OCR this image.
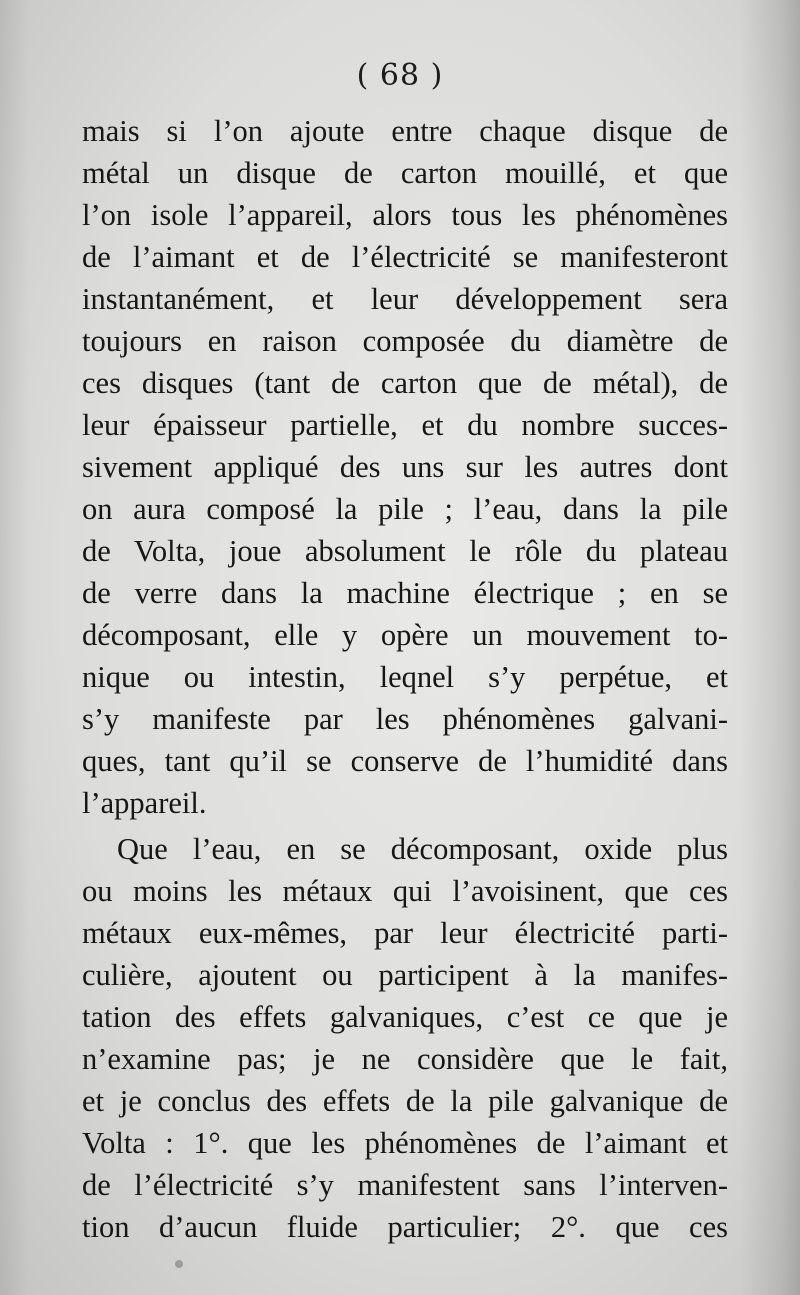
( 68 )
mais si l’on ajoute entre chaque disque de
métal un disque de carton mouillé, et que
l’on isole l’appareil, alors tous les phénomènes
de l’aimant et de l’électricité se manifesteront
instantanément, et leur développement sera
toujours en raison composée du diamètre de
ces disques (tant de carton que de métal), de
leur épaisseur partielle, et du nombre succes-
sivement appliqué des uns sur les autres dont
on aura composé la pile ; l’eau, dans la pile
de Volta, joue absolument le rôle du plateau
de verre dans la machine électrique ; en se
décomposant, elle y opère un mouvement to-
nique ou intestin, leqnel s’y perpétue, et
s’y manifeste par les phénomènes galvani-
ques, tant qu’il se conserve de l’humidité dans
l’appareil.
Que l’eau, en se décomposant, oxide plus
ou moins les métaux qui l’avoisinent, que ces
métaux eux-mêmes, par leur électricité parti-
culière, ajoutent ou participent à la manifes-
tation des effets galvaniques, c’est ce que je
n’examine pas; je ne considère que le fait,
et je conclus des effets de la pile galvanique de
Volta : 1°. que les phénomènes de l’aimant et
de l’électricité s’y manifestent sans l’interven-
tion d’aucun fluide particulier; 2°. que ces
